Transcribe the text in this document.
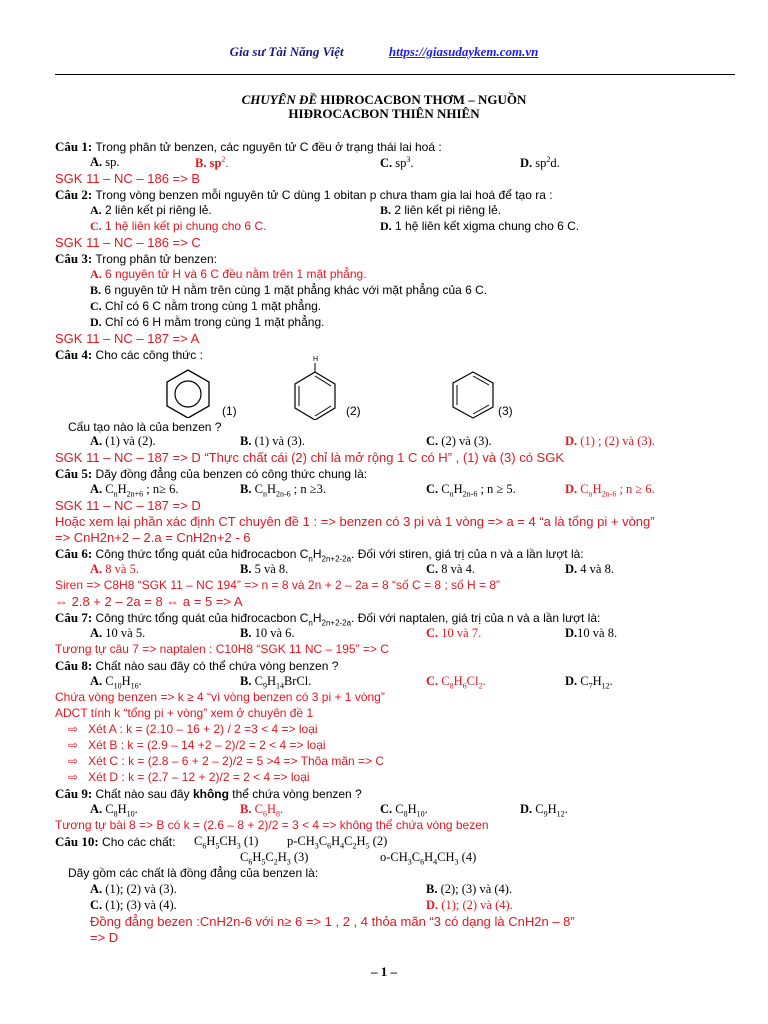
Gia sư Tài Năng Việt	https://giasudaykem.com.vn
CHUYÊN ĐỀ HIĐROCACBON THƠM – NGUỒN
HIĐROCACBON THIÊN NHIÊN
Câu 1: Trong phân tử benzen, các nguyên tử C đều ở trạng thái lai hoá :
A. sp.	B. $sp^2$.	C. $sp^3$.	D. $sp^2d$.
SGK 11 – NC – 186 => B
Câu 2: Trong vòng benzen mỗi nguyên tử C dùng 1 obitan p chưa tham gia lai hoá để tạo ra :
A. 2 liên kết pi riêng lẻ.	B. 2 liên kết pi riêng lẻ.
C. 1 hệ liên kết pi chung cho 6 C.	D. 1 hệ liên kết xigma chung cho 6 C.
SGK 11 – NC – 186 => C
Câu 3: Trong phân tử benzen:
A. 6 nguyên tử H và 6 C đều nằm trên 1 mặt phẳng.
B. 6 nguyên tử H nằm trên cùng 1 mặt phẳng khác với mặt phẳng của 6 C.
C. Chỉ có 6 C nằm trong cùng 1 mặt phẳng.
D. Chỉ có 6 H mằm trong cùng 1 mặt phẳng.
SGK 11 – NC – 187 => A
Câu 4: Cho các công thức :
(1)
H
(2)	(3)
Cấu tạo nào là của benzen ?
A. (1) và (2).	B. (1) và (3).	C. (2) và (3).	D. (1) ; (2) và (3).
SGK 11 – NC – 187 => D “Thực chất cái (2) chỉ là mở rộng 1 C có H” , (1) và (3) có SGK
Câu 5: Dãy đồng đẳng của benzen có công thức chung là:
A. $C_nH_{2n+6}$ ; n≥ 6.	B. $C_nH_{2n-6}$ ; n ≥3.	C. $C_nH_{2n-6}$ ; n ≥ 5.	D. $C_nH_{2n-6}$ ; n ≥ 6.
SGK 11 – NC – 187 => D
Hoặc xem lại phần xác định CT chuyên đề 1 : => benzen có 3 pi và 1 vòng => a = 4 “a là tổng pi + vòng”
=> CnH2n+2 – 2.a = CnH2n+2 - 6
Câu 6: Công thức tổng quát của hiđrocacbon $C_nH_{2n+2-2a}$. Đối với stiren, giá trị của n và a lần lượt là:
A. 8 và 5.	B. 5 và 8.	C. 8 và 4.	D. 4 và 8.
Siren => C8H8 “SGK 11 – NC 194” => n = 8 và 2n + 2 – 2a = 8 “số C = 8 ; số H = 8”
⇔ 2.8 + 2 – 2a = 8 ⇔ a = 5 => A
Câu 7: Công thức tổng quát của hiđrocacbon $C_nH_{2n+2-2a}$. Đối với naptalen, giá trị của n và a lần lượt là:
A. 10 và 5.	B. 10 và 6.	C. 10 và 7.	D.10 và 8.
Tương tự câu 7 => naptalen : C10H8 “SGK 11 NC – 195” => C
Câu 8: Chất nào sau đây có thể chứa vòng benzen ?
A. $C_{10}H_{16}$.	B. $C_9H_{14}BrCl$.	C. $C_8H_6Cl_2$.	D. $C_7H_{12}$.
Chứa vòng benzen => k ≥ 4 “vì vòng benzen có 3 pi + 1 vòng”
ADCT tính k “tổng pi + vòng” xem ở chuyên đề 1
⇨ Xét A : k = (2.10 – 16 + 2) / 2 =3 < 4 => loại
⇨ Xét B : k = (2.9 – 14 +2 – 2)/2 = 2 < 4 => loại
⇨ Xét C : k = (2.8 – 6 + 2 – 2)/2 = 5 >4 => Thõa mãn => C
⇨ Xét D : k = (2.7 – 12 + 2)/2 = 2 < 4 => loại
Câu 9: Chất nào sau đây không thể chứa vòng benzen ?
A. $C_8H_{10}$.	B. $C_6H_8$.	C. $C_8H_{10}$.	D. $C_9H_{12}$.
Tương tự bài 8 => B có k = (2.6 – 8 + 2)/2 = 3 < 4 => không thể chứa vòng bezen
Câu 10: Cho các chất: $C_6H_5CH_3$ (1) $p-CH_3C_6H_4C_2H_5$ (2)
$C_6H_5C_2H_3$ (3)	$o-CH_3C_6H_4CH_3$ (4)
Dãy gồm các chất là đồng đẳng của benzen là:
A. (1); (2) và (3).	B. (2); (3) và (4).
C. (1); (3) và (4).	D. (1); (2) và (4).
Đồng đẳng bezen :CnH2n-6 với n≥ 6 => 1 , 2 , 4 thỏa mãn “3 có dạng là CnH2n – 8”
=> D
– 1 –
